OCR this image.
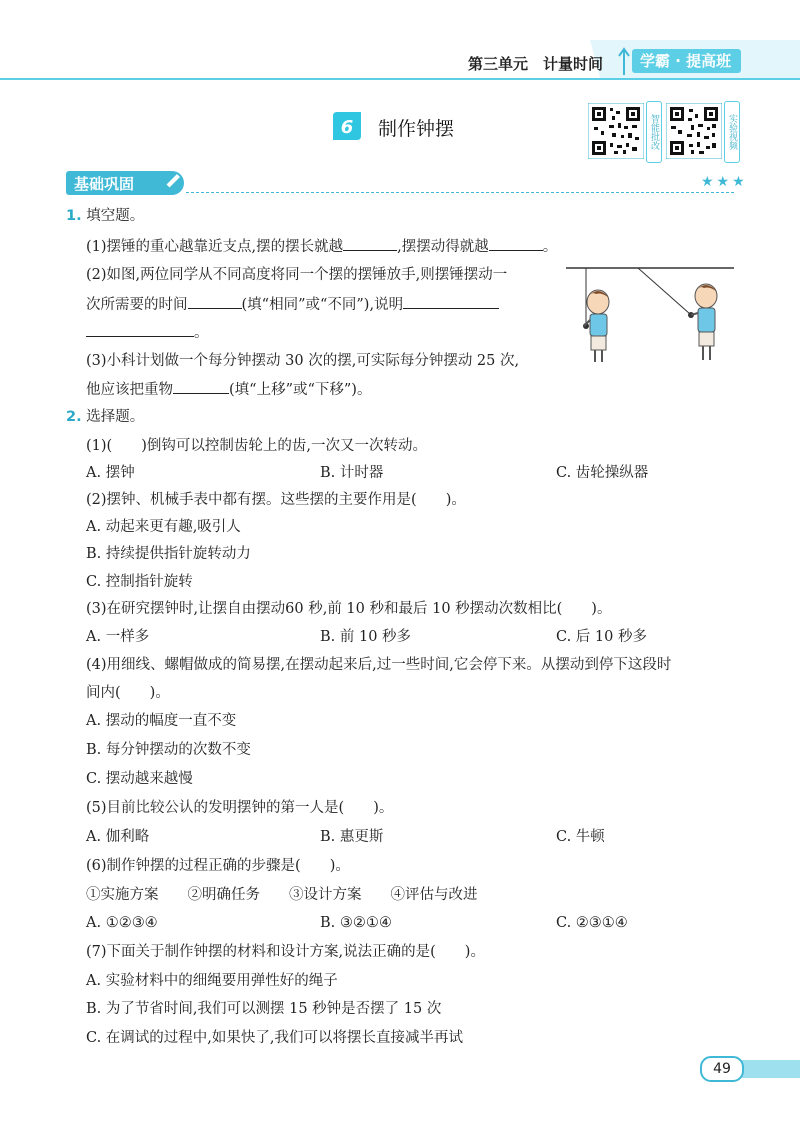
第三单元　计量时间	学霸 · 提高班
6 制作钟摆	智能批改	实验视频
基础巩固	★★★
1. 填空题。
(1)摆锤的重心越靠近支点,摆的摆长就越	,摆摆动得就越	。
(2)如图,两位同学从不同高度将同一个摆的摆锤放手,则摆锤摆动一
次所需要的时间	(填“相同”或“不同”),说明
。
(3)小科计划做一个每分钟摆动 30 次的摆,可实际每分钟摆动 25 次,
他应该把重物	(填“上移”或“下移”)。
2. 选择题。
(1)(　　)倒钩可以控制齿轮上的齿,一次又一次转动。
A. 摆钟	B. 计时器	C. 齿轮操纵器
(2)摆钟、机械手表中都有摆。这些摆的主要作用是(　　)。
A. 动起来更有趣,吸引人
B. 持续提供指针旋转动力
C. 控制指针旋转
(3)在研究摆钟时,让摆自由摆动60 秒,前 10 秒和最后 10 秒摆动次数相比(　　)。
A. 一样多	B. 前 10 秒多	C. 后 10 秒多
(4)用细线、螺帽做成的简易摆,在摆动起来后,过一些时间,它会停下来。从摆动到停下这段时
间内(　　)。
A. 摆动的幅度一直不变
B. 每分钟摆动的次数不变
C. 摆动越来越慢
(5)目前比较公认的发明摆钟的第一人是(　　)。
A. 伽利略	B. 惠更斯	C. 牛顿
(6)制作钟摆的过程正确的步骤是(　　)。
①实施方案　　②明确任务　　③设计方案　　④评估与改进
A. ①②③④	B. ③②①④	C. ②③①④
(7)下面关于制作钟摆的材料和设计方案,说法正确的是(　　)。
A. 实验材料中的细绳要用弹性好的绳子
B. 为了节省时间,我们可以测摆 15 秒钟是否摆了 15 次
C. 在调试的过程中,如果快了,我们可以将摆长直接减半再试
49
